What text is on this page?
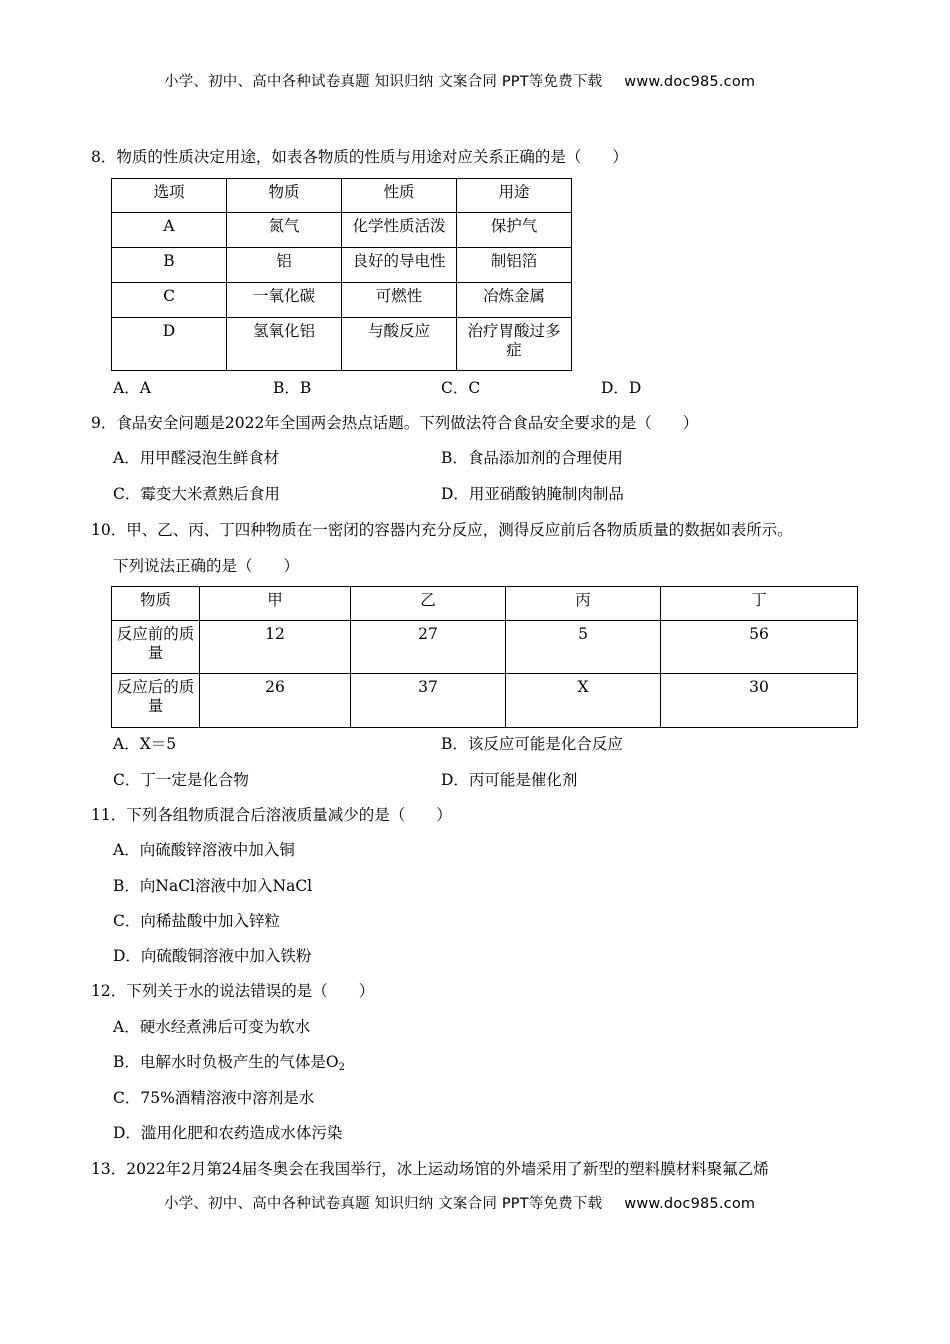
小学、初中、高中各种试卷真题 知识归纳 文案合同 PPT等免费下载 www.doc985.com
8．物质的性质决定用途，如表各物质的性质与用途对应关系正确的是（　　）
选项	物质	性质	用途
A	氮气	化学性质活泼	保护气
B	铝	良好的导电性	制铝箔
C	一氧化碳	可燃性	冶炼金属
D	氢氧化铝	与酸反应	治疗胃酸过多症
A．A	B．B	C．C	D．D
9．食品安全问题是2022年全国两会热点话题。下列做法符合食品安全要求的是（　　）
A．用甲醛浸泡生鲜食材	B．食品添加剂的合理使用
C．霉变大米煮熟后食用	D．用亚硝酸钠腌制肉制品
10．甲、乙、丙、丁四种物质在一密闭的容器内充分反应，测得反应前后各物质质量的数据如表所示。
下列说法正确的是（　　）
物质	甲	乙	丙	丁
反应前的质量	12	27	5	56
反应后的质量	26	37	X	30
A．X＝5	B．该反应可能是化合反应
C．丁一定是化合物	D．丙可能是催化剂
11．下列各组物质混合后溶液质量减少的是（　　）
A．向硫酸锌溶液中加入铜
B．向NaCl溶液中加入NaCl
C．向稀盐酸中加入锌粒
D．向硫酸铜溶液中加入铁粉
12．下列关于水的说法错误的是（　　）
A．硬水经煮沸后可变为软水
B．电解水时负极产生的气体是$O_2$
C．75%酒精溶液中溶剂是水
D．滥用化肥和农药造成水体污染
13．2022年2月第24届冬奥会在我国举行，冰上运动场馆的外墙采用了新型的塑料膜材料聚氟乙烯
小学、初中、高中各种试卷真题 知识归纳 文案合同 PPT等免费下载 www.doc985.com
